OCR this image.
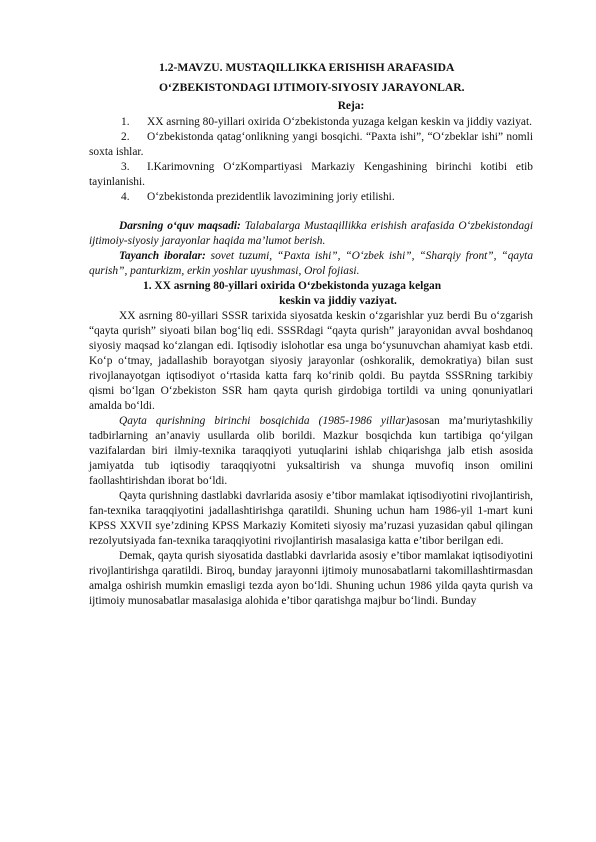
1.2-MAVZU. MUSTAQILLIKKA ERISHISH ARAFASIDA
O‘ZBEKISTONDAGI IJTIMOIY-SIYOSIY JARAYONLAR.
Reja:
1. XX asrning 80-yillari oxirida O‘zbekistonda yuzaga kelgan keskin va jiddiy vaziyat.
2. O‘zbekistonda qatag‘onlikning yangi bosqichi. “Paxta ishi”, “O‘zbeklar ishi” nomli soxta ishlar.
3. I.Karimovning O‘zKompartiyasi Markaziy Kengashining birinchi kotibi etib tayinlanishi.
4. O‘zbekistonda prezidentlik lavozimining joriy etilishi.
Darsning o‘quv maqsadi: Talabalarga Mustaqillikka erishish arafasida O‘zbekistondagi ijtimoiy-siyosiy jarayonlar haqida ma’lumot berish.
Tayanch iboralar: sovet tuzumi, “Paxta ishi”, “O‘zbek ishi”, “Sharqiy front”, “qayta qurish”, panturkizm, erkin yoshlar uyushmasi, Orol fojiasi.
1. XX asrning 80-yillari oxirida O‘zbekistonda yuzaga kelgan
keskin va jiddiy vaziyat.
XX asrning 80-yillari SSSR tarixida siyosatda keskin o‘zgarishlar yuz berdi Bu o‘zgarish “qayta qurish” siyoati bilan bog‘liq edi. SSSRdagi “qayta qurish” jarayonidan avval boshdanoq siyosiy maqsad ko‘zlangan edi. Iqtisodiy islohotlar esa unga bo‘ysunuvchan ahamiyat kasb etdi. Ko‘p o‘tmay, jadallashib borayotgan siyosiy jarayonlar (oshkoralik, demokratiya) bilan sust rivojlanayotgan iqtisodiyot o‘rtasida katta farq ko‘rinib qoldi. Bu paytda SSSRning tarkibiy qismi bo‘lgan O‘zbekiston SSR ham qayta qurish girdobiga tortildi va uning qonuniyatlari amalda bo‘ldi.
Qayta qurishning birinchi bosqichida (1985-1986 yillar)asosan ma’muriytashkiliy tadbirlarning an’anaviy usullarda olib borildi. Mazkur bosqichda kun tartibiga qo‘yilgan vazifalardan biri ilmiy-texnika taraqqiyoti yutuqlarini ishlab chiqarishga jalb etish asosida jamiyatda tub iqtisodiy taraqqiyotni yuksaltirish va shunga muvofiq inson omilini faollashtirishdan iborat bo‘ldi.
Qayta qurishning dastlabki davrlarida asosiy e’tibor mamlakat iqtisodiyotini rivojlantirish, fan-texnika taraqqiyotini jadallashtirishga qaratildi. Shuning uchun ham 1986-yil 1-mart kuni KPSS XXVII sye’zdining KPSS Markaziy Komiteti siyosiy ma’ruzasi yuzasidan qabul qilingan rezolyutsiyada fan-texnika taraqqiyotini rivojlantirish masalasiga katta e’tibor berilgan edi.
Demak, qayta qurish siyosatida dastlabki davrlarida asosiy e’tibor mamlakat iqtisodiyotini rivojlantirishga qaratildi. Biroq, bunday jarayonni ijtimoiy munosabatlarni takomillashtirmasdan amalga oshirish mumkin emasligi tezda ayon bo‘ldi. Shuning uchun 1986 yilda qayta qurish va ijtimoiy munosabatlar masalasiga alohida e’tibor qaratishga majbur bo‘lindi. Bunday
